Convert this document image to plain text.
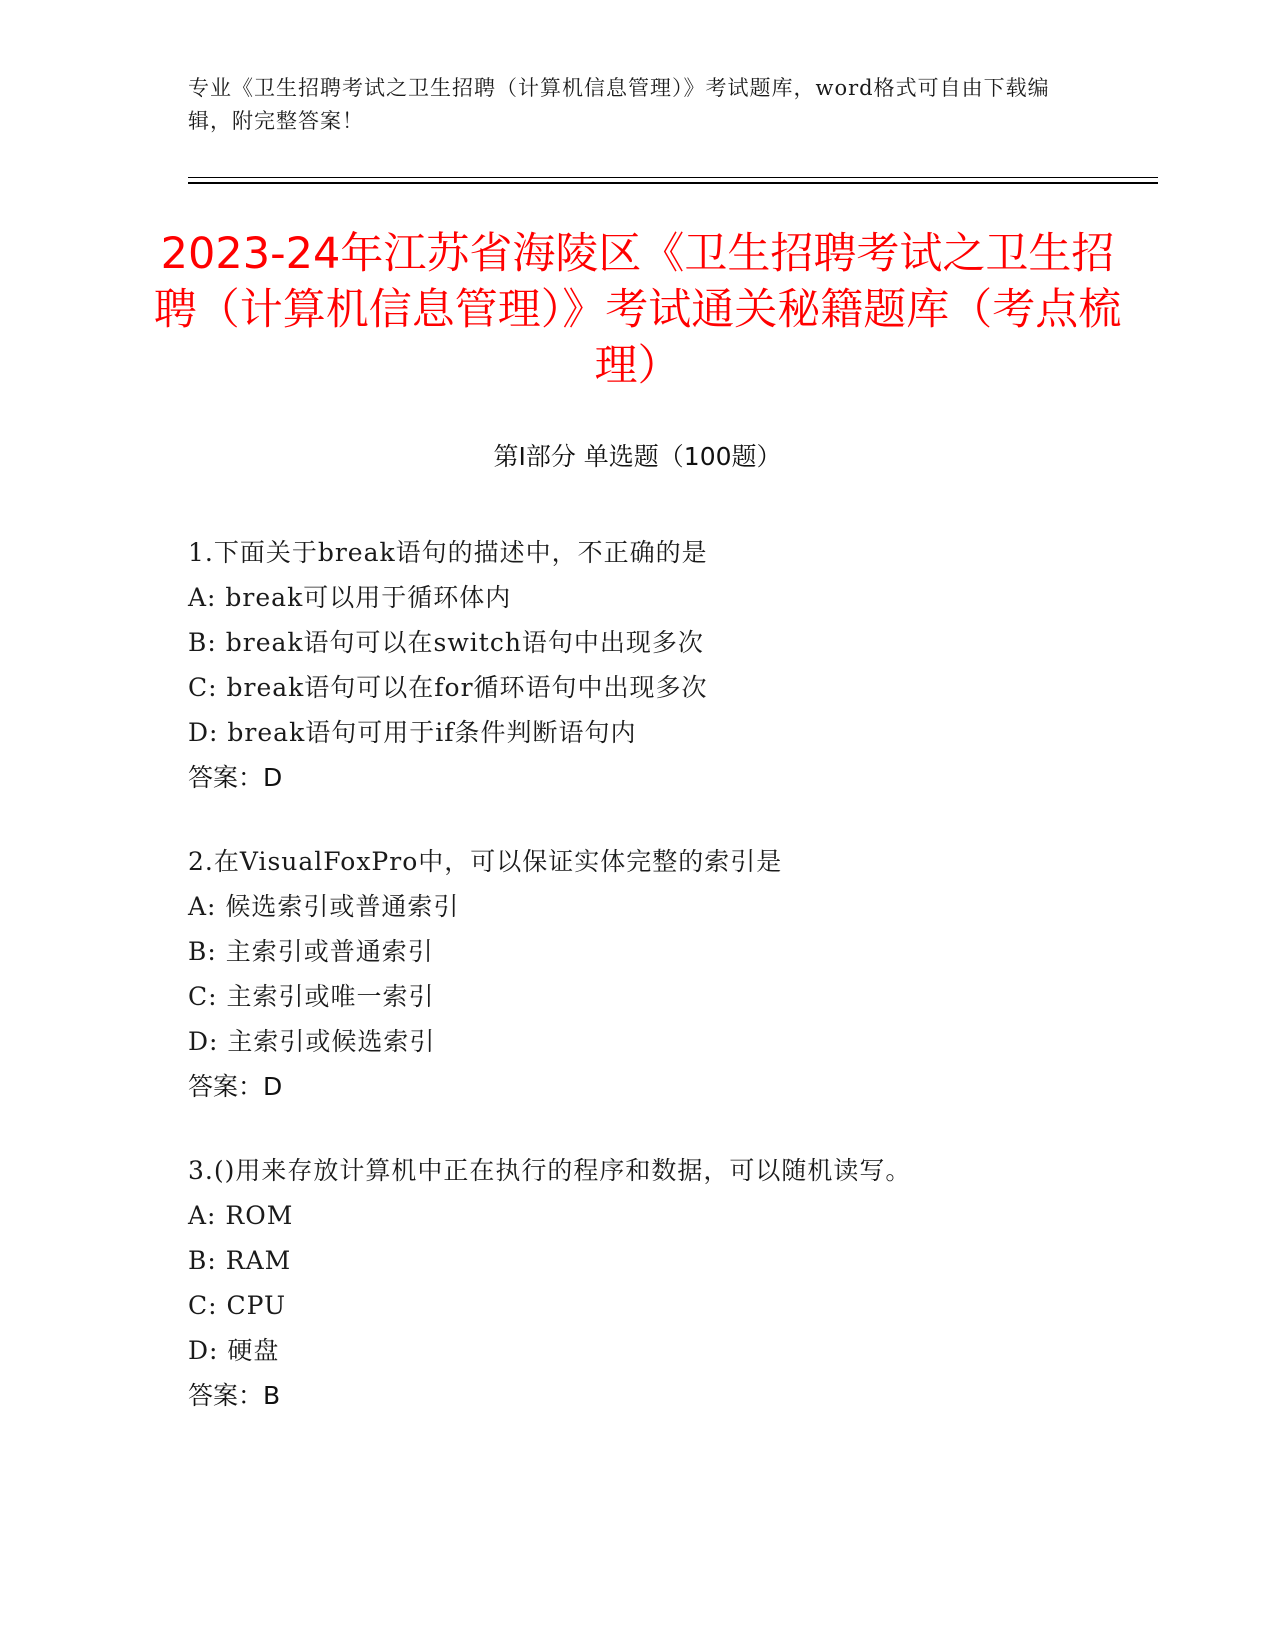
专业《卫生招聘考试之卫生招聘（计算机信息管理）》考试题库，word格式可自由下载编辑，附完整答案！
2023-24年江苏省海陵区《卫生招聘考试之卫生招聘（计算机信息管理）》考试通关秘籍题库（考点梳理）
第Ⅰ部分 单选题（100题）
1.下面关于break语句的描述中，不正确的是
A: break可以用于循环体内
B: break语句可以在switch语句中出现多次
C: break语句可以在for循环语句中出现多次
D: break语句可用于if条件判断语句内
答案：D
2.在VisualFoxPro中，可以保证实体完整的索引是
A: 候选索引或普通索引
B: 主索引或普通索引
C: 主索引或唯一索引
D: 主索引或候选索引
答案：D
3.()用来存放计算机中正在执行的程序和数据，可以随机读写。
A: ROM
B: RAM
C: CPU
D: 硬盘
答案：B
